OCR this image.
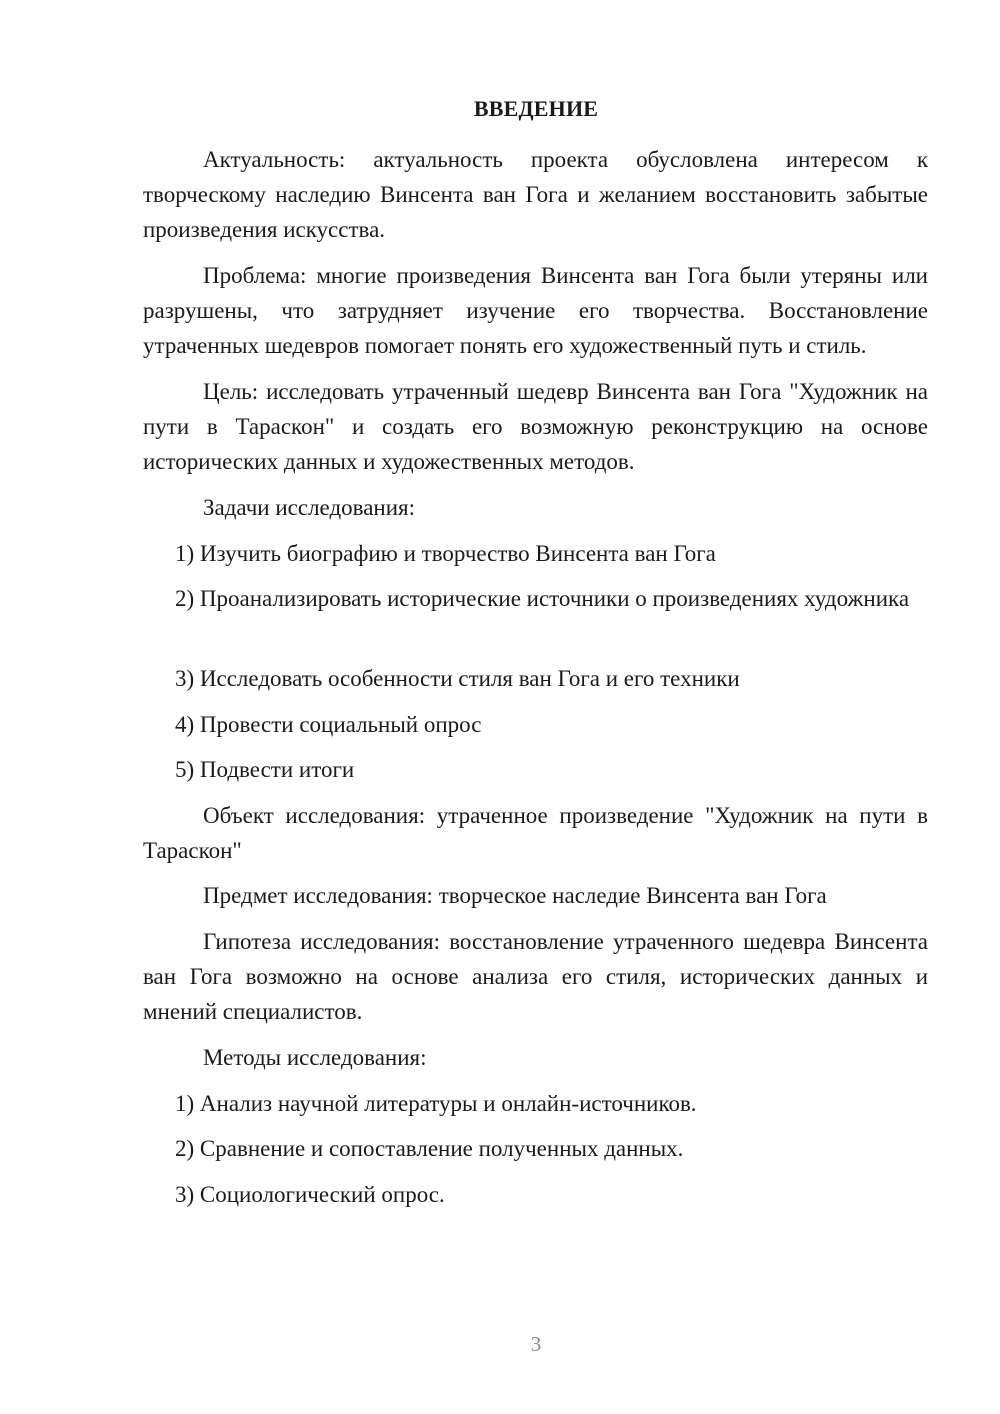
ВВЕДЕНИЕ

Актуальность: актуальность проекта обусловлена интересом к творческому наследию Винсента ван Гога и желанием восстановить забытые произведения искусства.

Проблема: многие произведения Винсента ван Гога были утеряны или разрушены, что затрудняет изучение его творчества. Восстановление утраченных шедевров помогает понять его художественный путь и стиль.

Цель: исследовать утраченный шедевр Винсента ван Гога "Художник на пути в Тараскон" и создать его возможную реконструкцию на основе исторических данных и художественных методов.

Задачи исследования:

1) Изучить биографию и творчество Винсента ван Гога

2) Проанализировать исторические источники о произведениях художника

3) Исследовать особенности стиля ван Гога и его техники

4) Провести социальный опрос

5) Подвести итоги

Объект исследования: утраченное произведение "Художник на пути в Тараскон"

Предмет исследования: творческое наследие Винсента ван Гога

Гипотеза исследования: восстановление утраченного шедевра Винсента ван Гога возможно на основе анализа его стиля, исторических данных и мнений специалистов.

Методы исследования:

1) Анализ научной литературы и онлайн-источников.

2) Сравнение и сопоставление полученных данных.

3) Социологический опрос.

3
